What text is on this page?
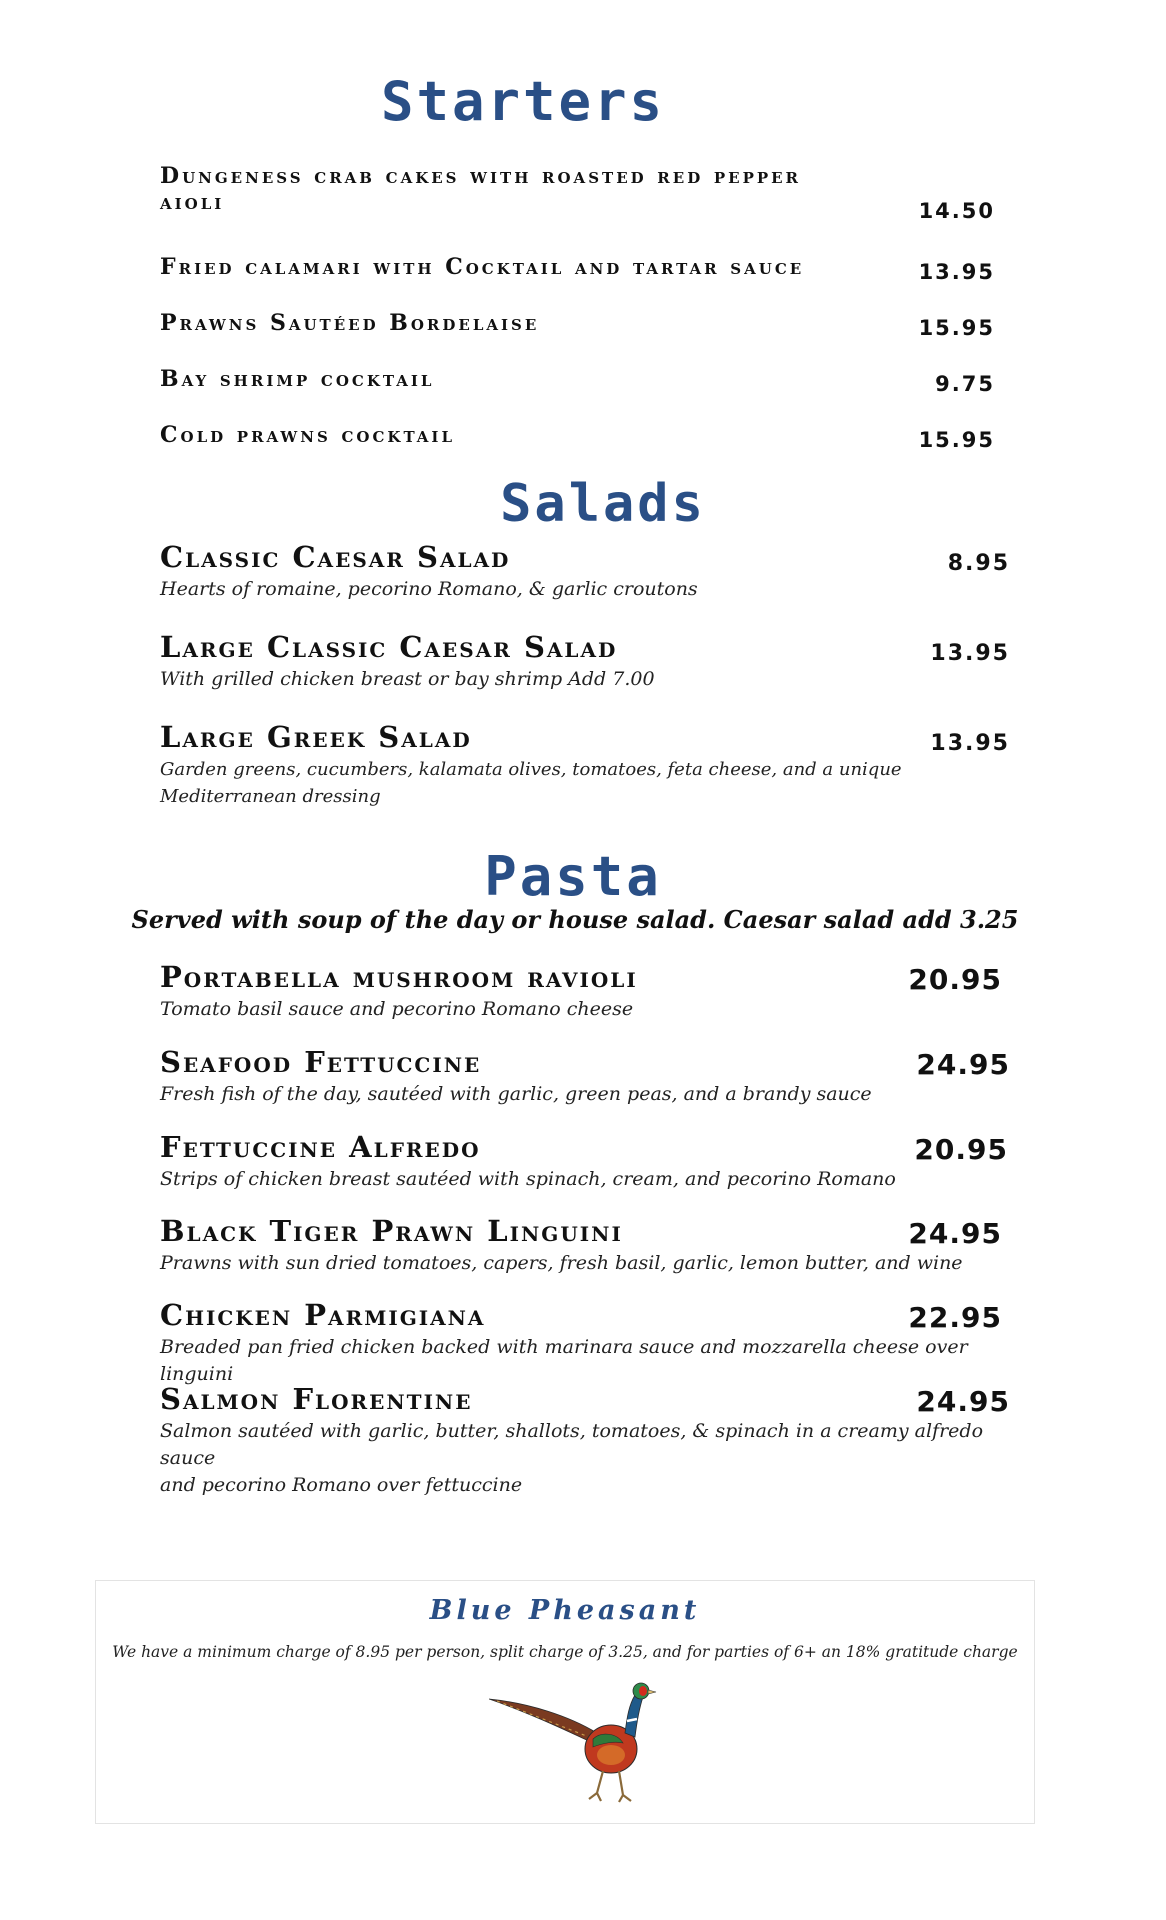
Starters
Dungeness crab cakes with roasted red pepper
aioli	14.50
Fried calamari with Cocktail and tartar sauce	13.95
Prawns Sautéed Bordelaise	15.95
Bay shrimp cocktail	9.75
Cold prawns cocktail	15.95
Salads
Classic Caesar Salad	8.95
Hearts of romaine, pecorino Romano, & garlic croutons
Large Classic Caesar Salad	13.95
With grilled chicken breast or bay shrimp Add 7.00
Large Greek Salad	13.95
Garden greens, cucumbers, kalamata olives, tomatoes, feta cheese, and a unique Mediterranean dressing
Pasta
Served with soup of the day or house salad. Caesar salad add 3.25
Portabella mushroom ravioli	20.95
Tomato basil sauce and pecorino Romano cheese
Seafood Fettuccine	24.95
Fresh fish of the day, sautéed with garlic, green peas, and a brandy sauce
Fettuccine Alfredo	20.95
Strips of chicken breast sautéed with spinach, cream, and pecorino Romano
Black Tiger Prawn Linguini	24.95
Prawns with sun dried tomatoes, capers, fresh basil, garlic, lemon butter, and wine
Chicken Parmigiana	22.95
Breaded pan fried chicken backed with marinara sauce and mozzarella cheese over linguini
Salmon Florentine	24.95
Salmon sautéed with garlic, butter, shallots, tomatoes, & spinach in a creamy alfredo sauce
and pecorino Romano over fettuccine
Blue Pheasant
We have a minimum charge of 8.95 per person, split charge of 3.25, and for parties of 6+ an 18% gratitude charge
